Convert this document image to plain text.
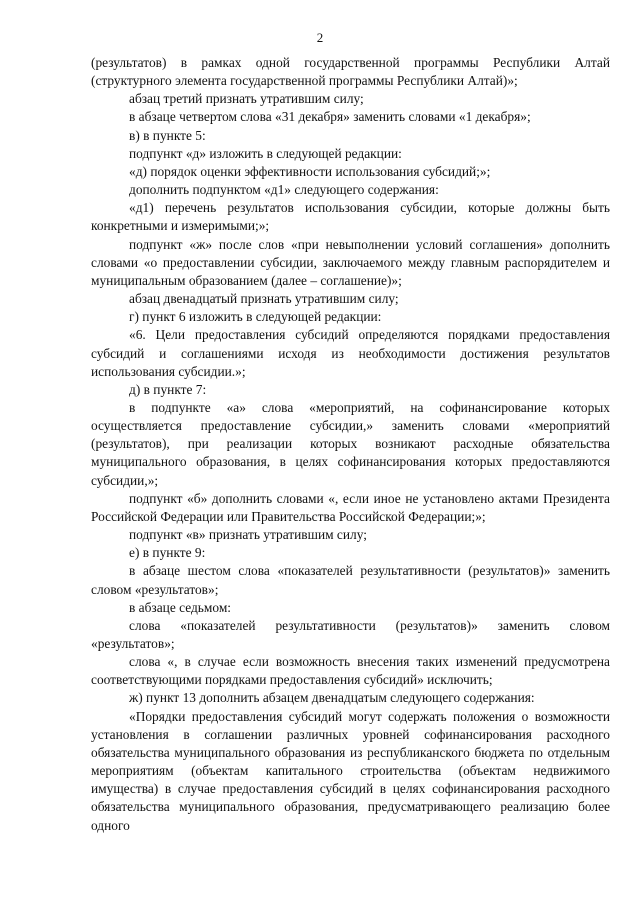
2

(результатов) в рамках одной государственной программы Республики Алтай (структурного элемента государственной программы Республики Алтай)»;

абзац третий признать утратившим силу;

в абзаце четвертом слова «31 декабря» заменить словами «1 декабря»;

в) в пункте 5:

подпункт «д» изложить в следующей редакции:

«д) порядок оценки эффективности использования субсидий;»;

дополнить подпунктом «д1» следующего содержания:

«д1) перечень результатов использования субсидии, которые должны быть конкретными и измеримыми;»;

подпункт «ж» после слов «при невыполнении условий соглашения» дополнить словами «о предоставлении субсидии, заключаемого между главным распорядителем и муниципальным образованием (далее – соглашение)»;

абзац двенадцатый признать утратившим силу;

г) пункт 6 изложить в следующей редакции:

«6. Цели предоставления субсидий определяются порядками предоставления субсидий и соглашениями исходя из необходимости достижения результатов использования субсидии.»;

д) в пункте 7:

в подпункте «а» слова «мероприятий, на софинансирование которых осуществляется предоставление субсидии,» заменить словами «мероприятий (результатов), при реализации которых возникают расходные обязательства муниципального образования, в целях софинансирования которых предоставляются субсидии,»;

подпункт «б» дополнить словами «, если иное не установлено актами Президента Российской Федерации или Правительства Российской Федерации;»;

подпункт «в» признать утратившим силу;

е) в пункте 9:

в абзаце шестом слова «показателей результативности (результатов)» заменить словом «результатов»;

в абзаце седьмом:

слова «показателей результативности (результатов)» заменить словом «результатов»;

слова «, в случае если возможность внесения таких изменений предусмотрена соответствующими порядками предоставления субсидий» исключить;

ж) пункт 13 дополнить абзацем двенадцатым следующего содержания:

«Порядки предоставления субсидий могут содержать положения о возможности установления в соглашении различных уровней софинансирования расходного обязательства муниципального образования из республиканского бюджета по отдельным мероприятиям (объектам капитального строительства (объектам недвижимого имущества) в случае предоставления субсидий в целях софинансирования расходного обязательства муниципального образования, предусматривающего реализацию более одного
